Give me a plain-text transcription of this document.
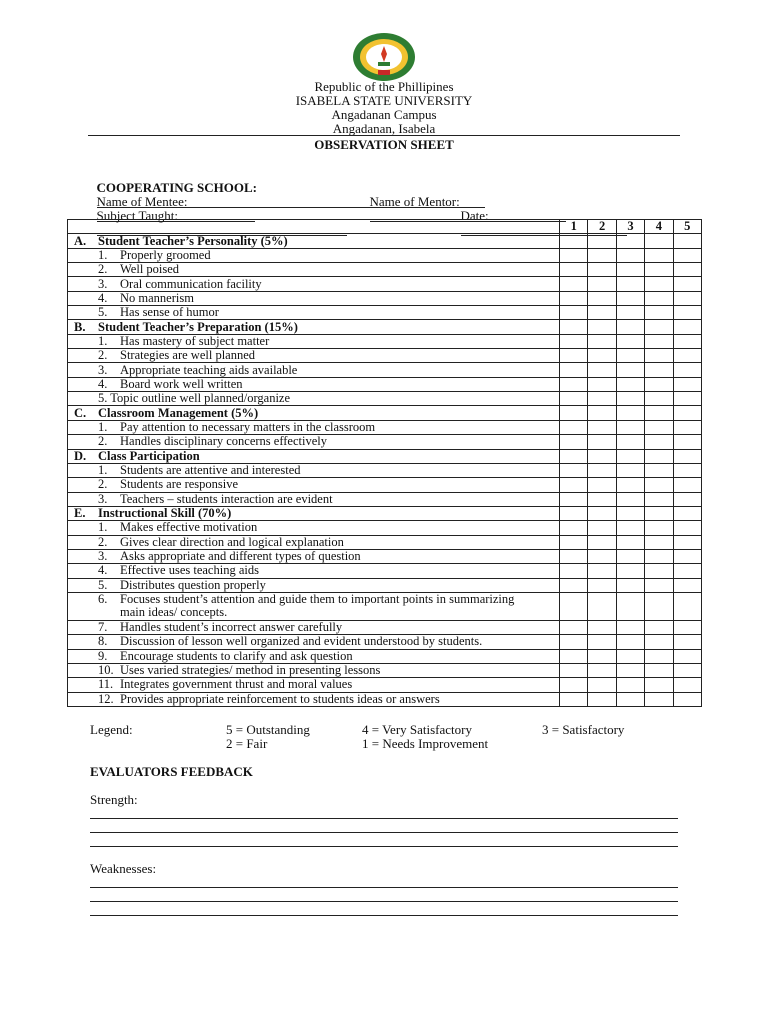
Republic of the Phillipines
ISABELA STATE UNIVERSITY
Angadanan Campus
Angadanan, Isabela
OBSERVATION SHEET

COOPERATING SCHOOL:

Name of Mentee:
	Name of Mentor:

Subject Taught:
	Date:

	1	2	3	4	5
A. Student Teacher’s Personality (5%)					
1. Properly groomed					
2. Well poised					
3. Oral communication facility					
4. No mannerism					
5. Has sense of humor					
B. Student Teacher’s Preparation (15%)					
1. Has mastery of subject matter					
2. Strategies are well planned					
3. Appropriate teaching aids available					
4. Board work well written					
5. Topic outline well planned/organize					
C. Classroom Management (5%)					
1. Pay attention to necessary matters in the classroom					
2. Handles disciplinary concerns effectively					
D. Class Participation					
1. Students are attentive and interested					
2. Students are responsive					
3. Teachers – students interaction are evident					
E. Instructional Skill (70%)					
1. Makes effective motivation					
2. Gives clear direction and logical explanation					
3. Asks appropriate and different types of question					
4. Effective uses teaching aids					
5. Distributes question properly					
6. Focuses student’s attention and guide them to important points in summarizing main ideas/ concepts.					
7. Handles student’s incorrect answer carefully					
8. Discussion of lesson well organized and evident understood by students.					
9. Encourage students to clarify and ask question					
10. Uses varied strategies/ method in presenting lessons					
11. Integrates government thrust and moral values					
12. Provides appropriate reinforcement to students ideas or answers					
Legend:	5 = Outstanding	4 = Very Satisfactory	3 = Satisfactory
2 = Fair	1 = Needs Improvement
EVALUATORS FEEDBACK
Strength:
Weaknesses:
